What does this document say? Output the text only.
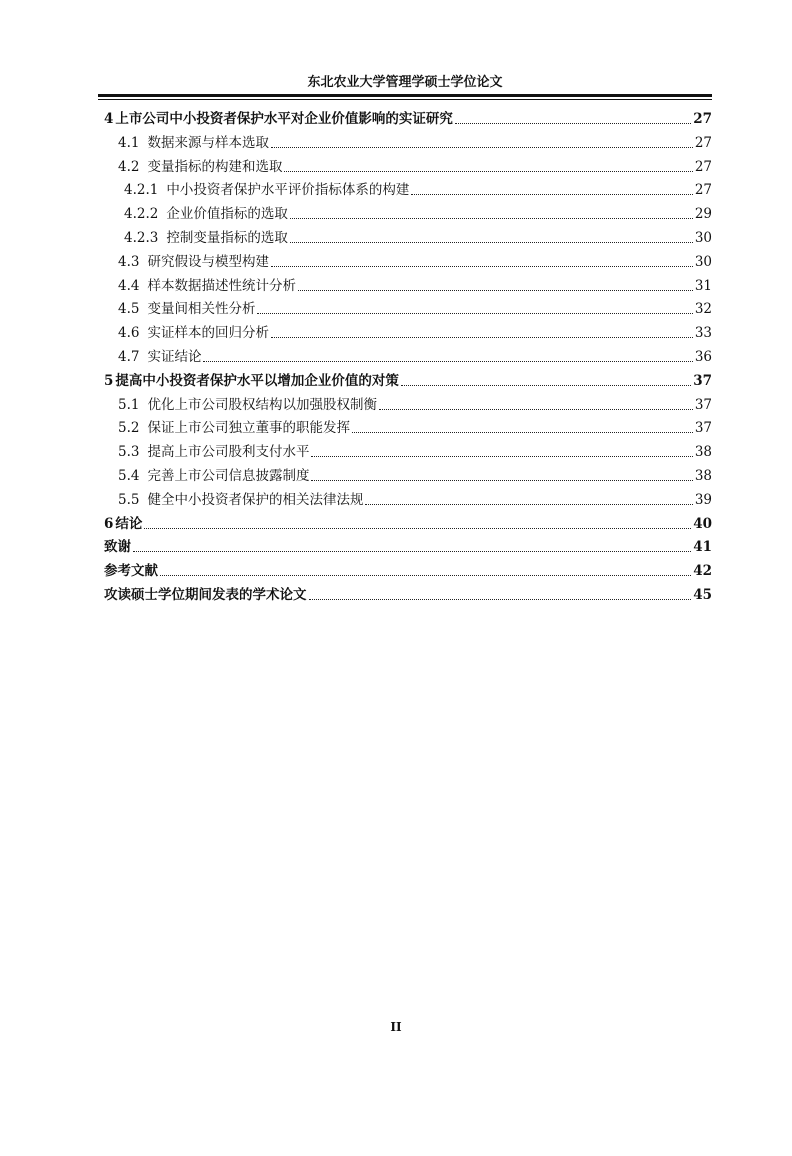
东北农业大学管理学硕士学位论文
4 上市公司中小投资者保护水平对企业价值影响的实证研究	27
4.1 数据来源与样本选取	27
4.2 变量指标的构建和选取	27
4.2.1 中小投资者保护水平评价指标体系的构建	27
4.2.2 企业价值指标的选取	29
4.2.3 控制变量指标的选取	30
4.3 研究假设与模型构建	30
4.4 样本数据描述性统计分析	31
4.5 变量间相关性分析	32
4.6 实证样本的回归分析	33
4.7 实证结论	36
5 提高中小投资者保护水平以增加企业价值的对策	37
5.1 优化上市公司股权结构以加强股权制衡	37
5.2 保证上市公司独立董事的职能发挥	37
5.3 提高上市公司股利支付水平	38
5.4 完善上市公司信息披露制度	38
5.5 健全中小投资者保护的相关法律法规	39
6 结论	40
致谢	41
参考文献	42
攻读硕士学位期间发表的学术论文	45
II
